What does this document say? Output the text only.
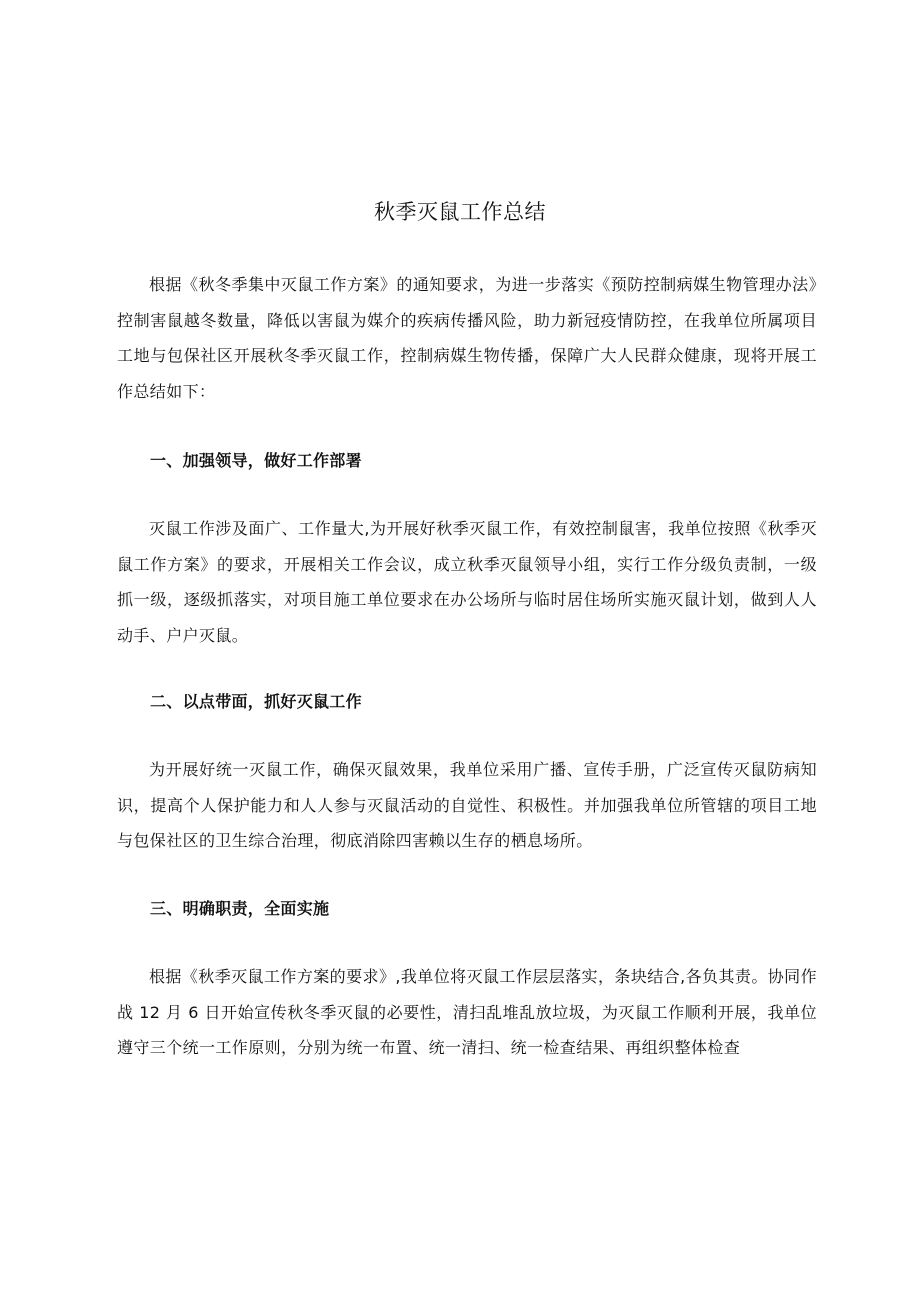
秋季灭鼠工作总结

根据《秋冬季集中灭鼠工作方案》的通知要求，为进一步落实《预防控制病媒生物管理办法》控制害鼠越冬数量，降低以害鼠为媒介的疾病传播风险，助力新冠疫情防控，在我单位所属项目工地与包保社区开展秋冬季灭鼠工作，控制病媒生物传播，保障广大人民群众健康，现将开展工作总结如下：

一、加强领导，做好工作部署

灭鼠工作涉及面广、工作量大,为开展好秋季灭鼠工作，有效控制鼠害，我单位按照《秋季灭鼠工作方案》的要求，开展相关工作会议，成立秋季灭鼠领导小组，实行工作分级负责制，一级抓一级，逐级抓落实，对项目施工单位要求在办公场所与临时居住场所实施灭鼠计划，做到人人动手、户户灭鼠。

二、以点带面，抓好灭鼠工作

为开展好统一灭鼠工作，确保灭鼠效果，我单位采用广播、宣传手册，广泛宣传灭鼠防病知识，提高个人保护能力和人人参与灭鼠活动的自觉性、积极性。并加强我单位所管辖的项目工地与包保社区的卫生综合治理，彻底消除四害赖以生存的栖息场所。

三、明确职责，全面实施

根据《秋季灭鼠工作方案的要求》,我单位将灭鼠工作层层落实，条块结合,各负其责。协同作战 12 月 6 日开始宣传秋冬季灭鼠的必要性，清扫乱堆乱放垃圾，为灭鼠工作顺利开展，我单位遵守三个统一工作原则，分别为统一布置、统一清扫、统一检查结果、再组织整体检查
